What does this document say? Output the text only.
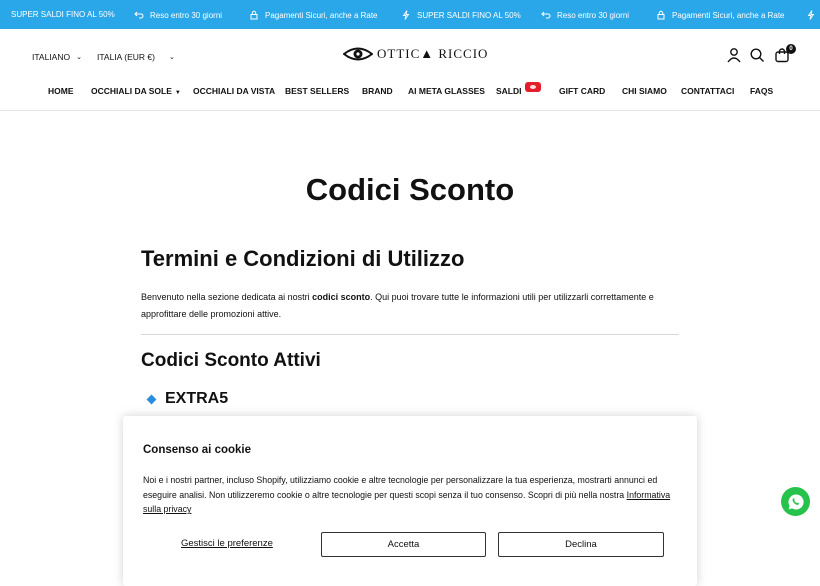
SUPER SALDI FINO AL 50%	Reso entro 30 giorni	Pagamenti Sicuri, anche a Rate	SUPER SALDI FINO AL 50%	Reso entro 30 giorni	Pagamenti Sicuri, anche a Rate
ITALIANO ⌄ ITALIA (EUR €) ⌄	OTTIC▲ RICCIO	0
HOME OCCHIALI DA SOLE ▼ OCCHIALI DA VISTA BEST SELLERS BRAND AI META GLASSES SALDI	GIFT CARD CHI SIAMO CONTATTACI FAQS
Codici Sconto
Termini e Condizioni di Utilizzo
Benvenuto nella sezione dedicata ai nostri codici sconto. Qui puoi trovare tutte le informazioni utili per utilizzarli correttamente e approfittare delle promozioni attive.
Codici Sconto Attivi
EXTRA5
Consenso ai cookie
Noi e i nostri partner, incluso Shopify, utilizziamo cookie e altre tecnologie per personalizzare la tua esperienza, mostrarti annunci ed eseguire analisi. Non utilizzeremo cookie o altre tecnologie per questi scopi senza il tuo consenso. Scopri di più nella nostra Informativa sulla privacy
Gestisci le preferenze	Accetta	Declina
